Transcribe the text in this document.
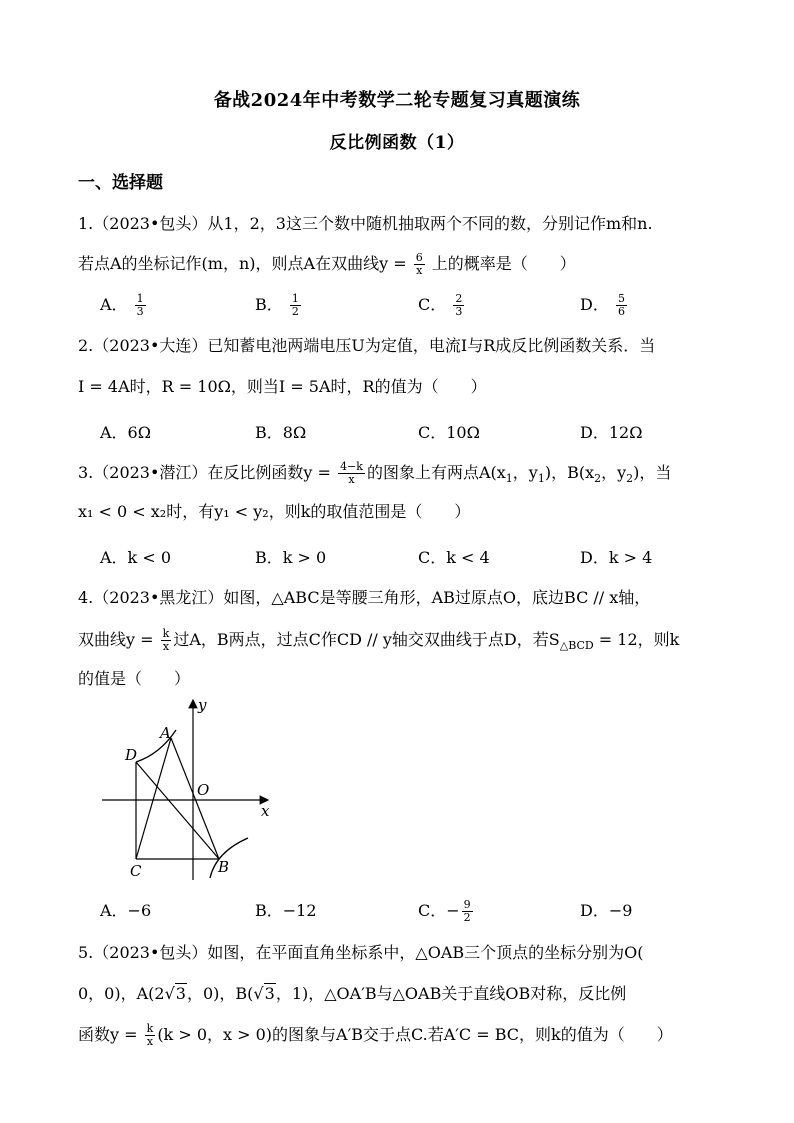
备战2024年中考数学二轮专题复习真题演练
反比例函数（1）
一、选择题
1.（2023•包头）从1，2，3这三个数中随机抽取两个不同的数，分别记作m和n.
若点A的坐标记作(m，n)，则点A在双曲线$y = \frac{6}{x}$ 上的概率是（　　）
A． $\frac{1}{3}$	B． $\frac{1}{2}$	C． $\frac{2}{3}$	D． $\frac{5}{6}$
2.（2023•大连）已知蓄电池两端电压U为定值，电流I与R成反比例函数关系．当
I = 4A时，R = 10Ω，则当I = 5A时，R的值为（　　）
A．6Ω	B．8Ω	C．10Ω	D．12Ω
3.（2023•潜江）在反比例函数$y = \frac{4-k}{x}$ 的图象上有两点$A(x_1$，$y_1$)，$B(x_2$，$y_2$)，当
x₁ < 0 < x₂时，有y₁ < y₂，则k的取值范围是（　　）
A．k < 0	B．k > 0	C．k < 4	D．k > 4
4.（2023•黑龙江）如图，△ABC是等腰三角形，AB过原点O，底边BC // x轴，
双曲线$y = \frac{k}{x}$ 过A，B两点，过点C作CD // y轴交双曲线于点D，若$S_{\triangle BCD} = 12$，则k
的值是（　　）
A
D
O
y
x
C	B
A．−6	B．−12	C．− $\frac{9}{2}$	D．−9
5.（2023•包头）如图，在平面直角坐标系中，△OAB三个顶点的坐标分别为O(
0，0)，A(2√3，0)，B(√3，1)，△OA′B与△OAB关于直线OB对称，反比例
函数$y = \frac{k}{x} (k > 0$，x > 0)的图象与A′B交于点C.若A′C = BC，则k的值为（　　）
